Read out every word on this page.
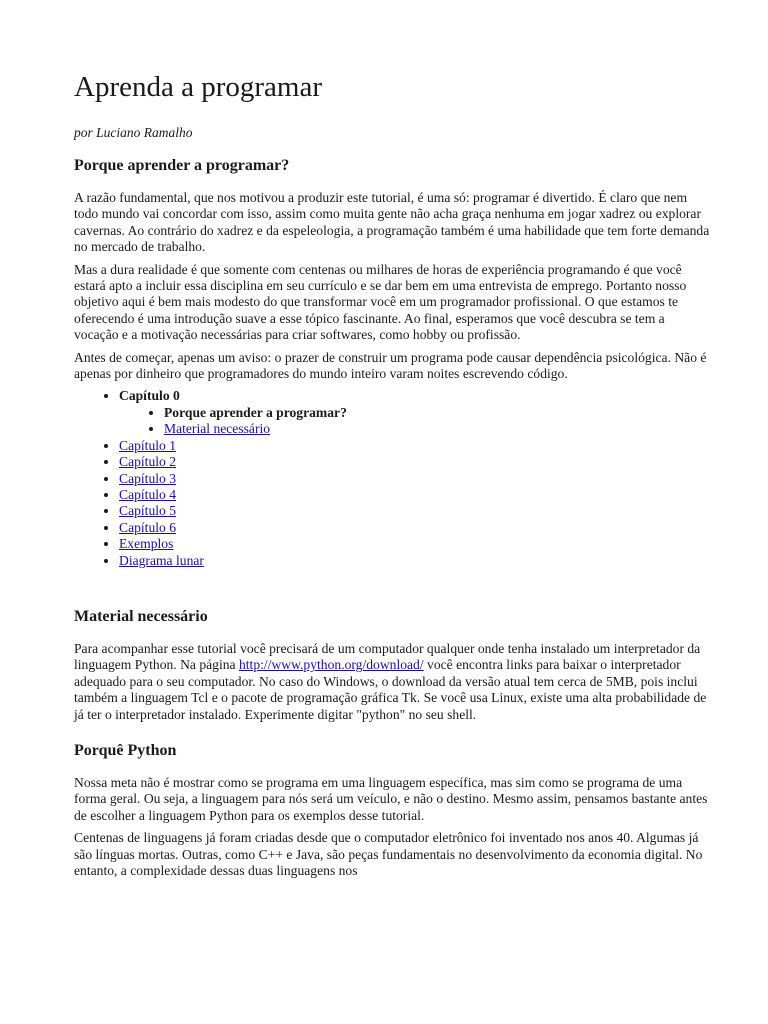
Aprenda a programar

por Luciano Ramalho

Porque aprender a programar?

A razão fundamental, que nos motivou a produzir este tutorial, é uma só: programar é divertido. É claro que nem todo mundo vai concordar com isso, assim como muita gente não acha graça nenhuma em jogar xadrez ou explorar cavernas. Ao contrário do xadrez e da espeleologia, a programação também é uma habilidade que tem forte demanda no mercado de trabalho.

Mas a dura realidade é que somente com centenas ou milhares de horas de experiência programando é que você estará apto a incluir essa disciplina em seu currículo e se dar bem em uma entrevista de emprego. Portanto nosso objetivo aqui é bem mais modesto do que transformar você em um programador profissional. O que estamos te oferecendo é uma introdução suave a esse tópico fascinante. Ao final, esperamos que você descubra se tem a vocação e a motivação necessárias para criar softwares, como hobby ou profissão.

Antes de começar, apenas um aviso: o prazer de construir um programa pode causar dependência psicológica. Não é apenas por dinheiro que programadores do mundo inteiro varam noites escrevendo código.

• Capítulo 0
• Porque aprender a programar?
• Material necessário
• Capítulo 1
• Capítulo 2
• Capítulo 3
• Capítulo 4
• Capítulo 5
• Capítulo 6
• Exemplos
• Diagrama lunar
Material necessário

Para acompanhar esse tutorial você precisará de um computador qualquer onde tenha instalado um interpretador da linguagem Python. Na página http://www.python.org/download/ você encontra links para baixar o interpretador adequado para o seu computador. No caso do Windows, o download da versão atual tem cerca de 5MB, pois inclui também a linguagem Tcl e o pacote de programação gráfica Tk. Se você usa Linux, existe uma alta probabilidade de já ter o interpretador instalado. Experimente digitar "python" no seu shell.

Porquê Python

Nossa meta não é mostrar como se programa em uma linguagem específica, mas sim como se programa de uma forma geral. Ou seja, a linguagem para nós será um veículo, e não o destino. Mesmo assim, pensamos bastante antes de escolher a linguagem Python para os exemplos desse tutorial.

Centenas de linguagens já foram criadas desde que o computador eletrônico foi inventado nos anos 40. Algumas já são línguas mortas. Outras, como C++ e Java, são peças fundamentais no desenvolvimento da economia digital. No entanto, a complexidade dessas duas linguagens nos
